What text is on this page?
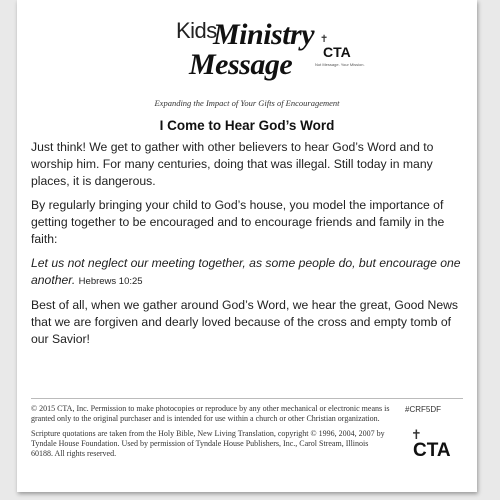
Kids
Ministry
Message
✝
CTA
Not Message. Your Mission.
Expanding the Impact of Your Gifts of Encouragement
I Come to Hear God’s Word

Just think! We get to gather with other believers to hear God’s Word and to worship him. For many centuries, doing that was illegal. Still today in many places, it is dangerous.

By regularly bringing your child to God’s house, you model the importance of getting together to be encouraged and to encourage friends and family in the faith:

Let us not neglect our meeting together, as some people do, but encourage one another. Hebrews 10:25

Best of all, when we gather around God’s Word, we hear the great, Good News that we are forgiven and dearly loved because of the cross and empty tomb of our Savior!

© 2015 CTA, Inc. Permission to make photocopies or reproduce by any other mechanical or electronic means is granted only to the original purchaser and is intended for use within a church or other Christian organization.

Scripture quotations are taken from the Holy Bible, New Living Translation, copyright © 1996, 2004, 2007 by Tyndale House Foundation. Used by permission of Tyndale House Publishers, Inc., Carol Stream, Illinois 60188. All rights reserved.

#CRF5DF
✝
CTA
